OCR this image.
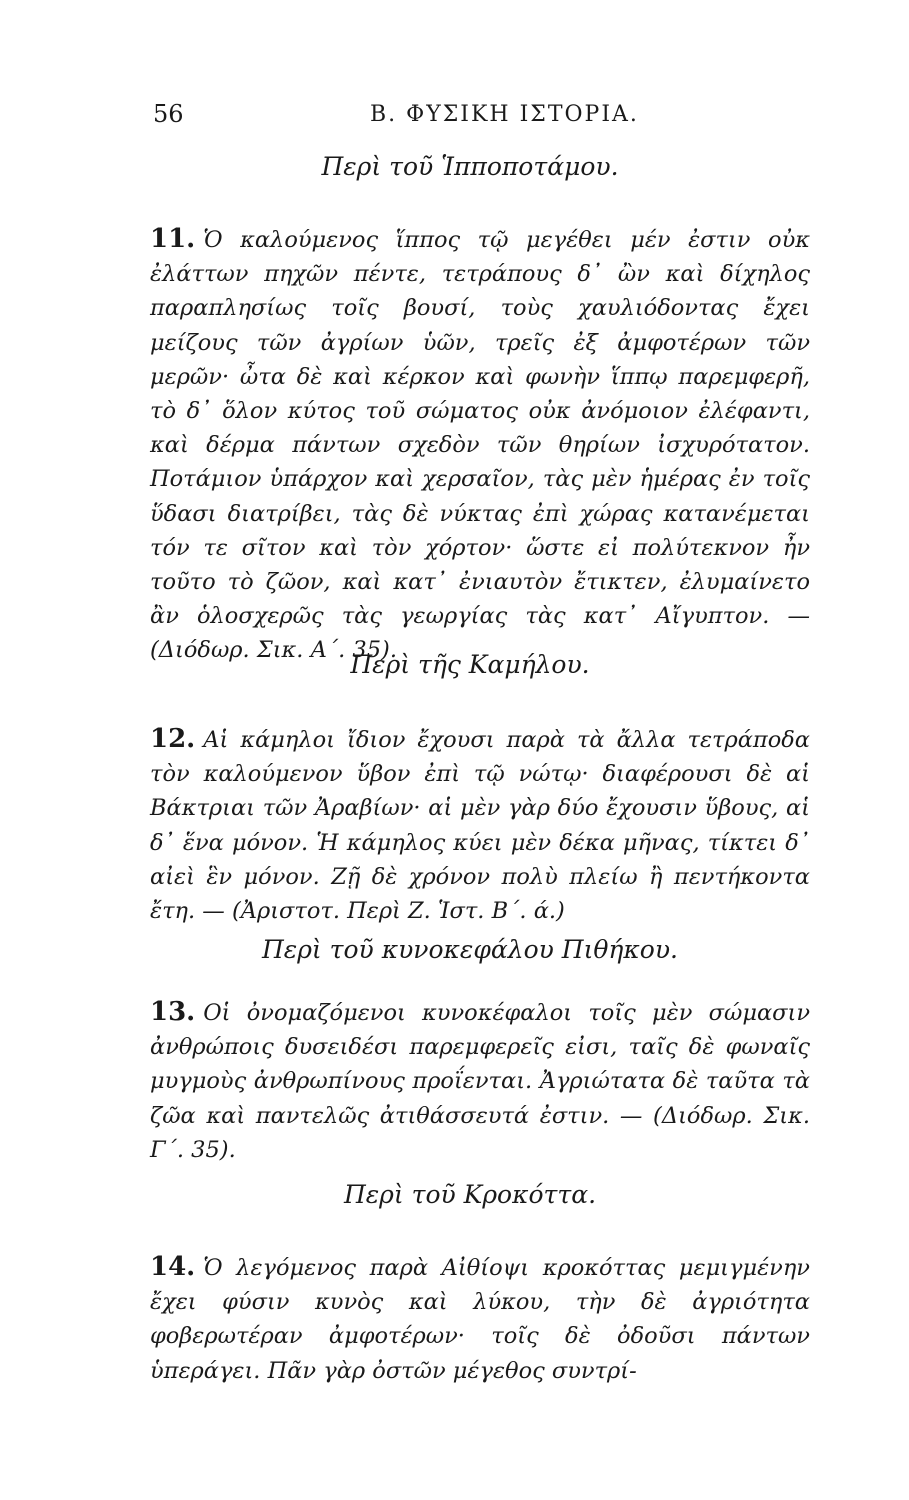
56	Β. ΦΥΣΙΚΗ ΙΣΤΟΡΙΑ.
Περὶ τοῦ Ἱπποποτάμου.
11. Ὁ καλούμενος ἵππος τῷ μεγέθει μέν ἐστιν οὐκ ἐλάττων πηχῶν πέντε, τετράπους δ᾽ ὢν καὶ δίχηλος παραπλησίως τοῖς βουσί, τοὺς χαυλιόδοντας ἔχει μείζους τῶν ἀγρίων ὑῶν, τρεῖς ἐξ ἀμφοτέρων τῶν μερῶν· ὦτα δὲ καὶ κέρκον καὶ φωνὴν ἵππῳ παρεμφερῆ, τὸ δ᾽ ὅλον κύτος τοῦ σώματος οὐκ ἀνόμοιον ἐλέφαντι, καὶ δέρμα πάντων σχεδὸν τῶν θηρίων ἰσχυρότατον. Ποτάμιον ὑπάρχον καὶ χερσαῖον, τὰς μὲν ἡμέρας ἐν τοῖς ὕδασι διατρίβει, τὰς δὲ νύκτας ἐπὶ χώρας κατανέμεται τόν τε σῖτον καὶ τὸν χόρτον· ὥστε εἰ πολύτεκνον ἦν τοῦτο τὸ ζῶον, καὶ κατ᾽ ἐνιαυτὸν ἔτικτεν, ἐλυμαίνετο ἂν ὁλοσχερῶς τὰς γεωργίας τὰς κατ᾽ Αἴγυπτον. — (Διόδωρ. Σικ. Α΄. 35).
Περὶ τῆς Καμήλου.
12. Αἱ κάμηλοι ἴδιον ἔχουσι παρὰ τὰ ἄλλα τετράποδα τὸν καλούμενον ὕβον ἐπὶ τῷ νώτῳ· διαφέρουσι δὲ αἱ Βάκτριαι τῶν Ἀραβίων· αἱ μὲν γὰρ δύο ἔχουσιν ὕβους, αἱ δ᾽ ἕνα μόνον. Ἡ κάμηλος κύει μὲν δέκα μῆνας, τίκτει δ᾽ αἰεὶ ἓν μόνον. Ζῇ δὲ χρόνον πολὺ πλείω ἢ πεντήκοντα ἔτη. — (Ἀριστοτ. Περὶ Ζ. Ἱστ. Β΄. ά.)
Περὶ τοῦ κυνοκεφάλου Πιθήκου.
13. Οἱ ὀνομαζόμενοι κυνοκέφαλοι τοῖς μὲν σώμασιν ἀνθρώποις δυσειδέσι παρεμφερεῖς εἰσι, ταῖς δὲ φωναῖς μυγμοὺς ἀνθρωπίνους προΐενται. Ἀγριώτατα δὲ ταῦτα τὰ ζῶα καὶ παντελῶς ἀτιθάσσευτά ἐστιν. — (Διόδωρ. Σικ. Γ΄. 35).
Περὶ τοῦ Κροκόττα.
14. Ὁ λεγόμενος παρὰ Αἰθίοψι κροκόττας μεμιγμένην ἔχει φύσιν κυνὸς καὶ λύκου, τὴν δὲ ἀγριότητα φοβερωτέραν ἀμφοτέρων· τοῖς δὲ ὀδοῦσι πάντων ὑπεράγει. Πᾶν γὰρ ὀστῶν μέγεθος συντρί-
